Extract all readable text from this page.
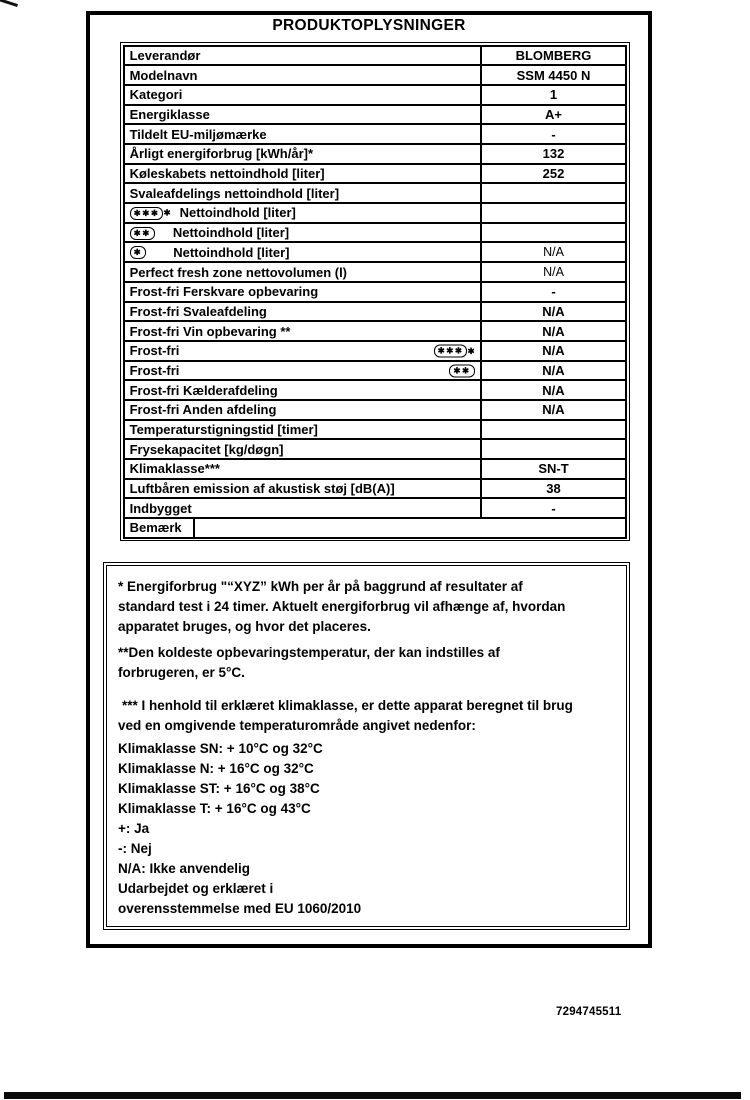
PRODUKTOPLYSNINGER
Leverandør	BLOMBERG
Modelnavn	SSM 4450 N
Kategori	1
Energiklasse	A+
Tildelt EU-miljømærke	-
Årligt energiforbrug [kWh/år]*	132
Køleskabets nettoindhold [liter]	252
Svaleafdelings nettoindhold [liter]	
✱✱✱ ✱ Nettoindhold [liter]	
✱✱ Nettoindhold [liter]	
✱ Nettoindhold [liter]	N/A
Perfect fresh zone nettovolumen (l)	N/A
Frost-fri Ferskvare opbevaring	-
Frost-fri Svaleafdeling	N/A
Frost-fri Vin opbevaring **	N/A
Frost-fri ✱✱✱ ✱	N/A
Frost-fri ✱✱	N/A
Frost-fri Kælderafdeling	N/A
Frost-fri Anden afdeling	N/A
Temperaturstigningstid [timer]	
Frysekapacitet [kg/døgn]	
Klimaklasse***	SN-T
Luftbåren emission af akustisk støj [dB(A)]	38
Indbygget	-
Bemærk	
* Energiforbrug "“XYZ” kWh per år på baggrund af resultater af
standard test i 24 timer. Aktuelt energiforbrug vil afhænge af, hvordan
apparatet bruges, og hvor det placeres.
**Den koldeste opbevaringstemperatur, der kan indstilles af
forbrugeren, er 5°C.
*** I henhold til erklæret klimaklasse, er dette apparat beregnet til brug
ved en omgivende temperaturområde angivet nedenfor:
Klimaklasse SN: + 10°C og 32°C
Klimaklasse N: + 16°C og 32°C
Klimaklasse ST: + 16°C og 38°C
Klimaklasse T: + 16°C og 43°C
+: Ja
-: Nej
N/A: Ikke anvendelig
Udarbejdet og erklæret i
overensstemmelse med EU 1060/2010
7294745511
